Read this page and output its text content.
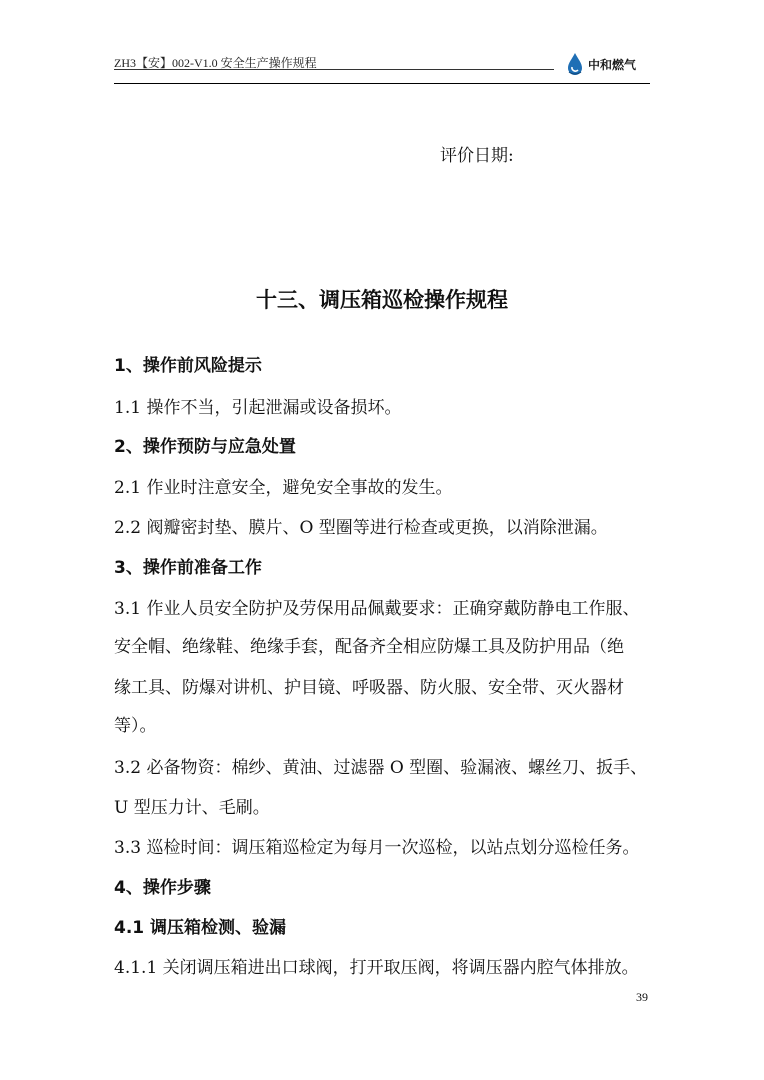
ZH3【安】002-V1.0 安全生产操作规程	中和燃气
评价日期:
十三、调压箱巡检操作规程
1、操作前风险提示
1.1 操作不当，引起泄漏或设备损坏。
2、操作预防与应急处置
2.1 作业时注意安全，避免安全事故的发生。
2.2 阀瓣密封垫、膜片、O 型圈等进行检查或更换，以消除泄漏。
3、操作前准备工作
3.1 作业人员安全防护及劳保用品佩戴要求：正确穿戴防静电工作服、
安全帽、绝缘鞋、绝缘手套，配备齐全相应防爆工具及防护用品（绝
缘工具、防爆对讲机、护目镜、呼吸器、防火服、安全带、灭火器材
等）。
3.2 必备物资：棉纱、黄油、过滤器 O 型圈、验漏液、螺丝刀、扳手、
U 型压力计、毛刷。
3.3 巡检时间：调压箱巡检定为每月一次巡检，以站点划分巡检任务。
4、操作步骤
4.1 调压箱检测、验漏
4.1.1 关闭调压箱进出口球阀，打开取压阀，将调压器内腔气体排放。
39
